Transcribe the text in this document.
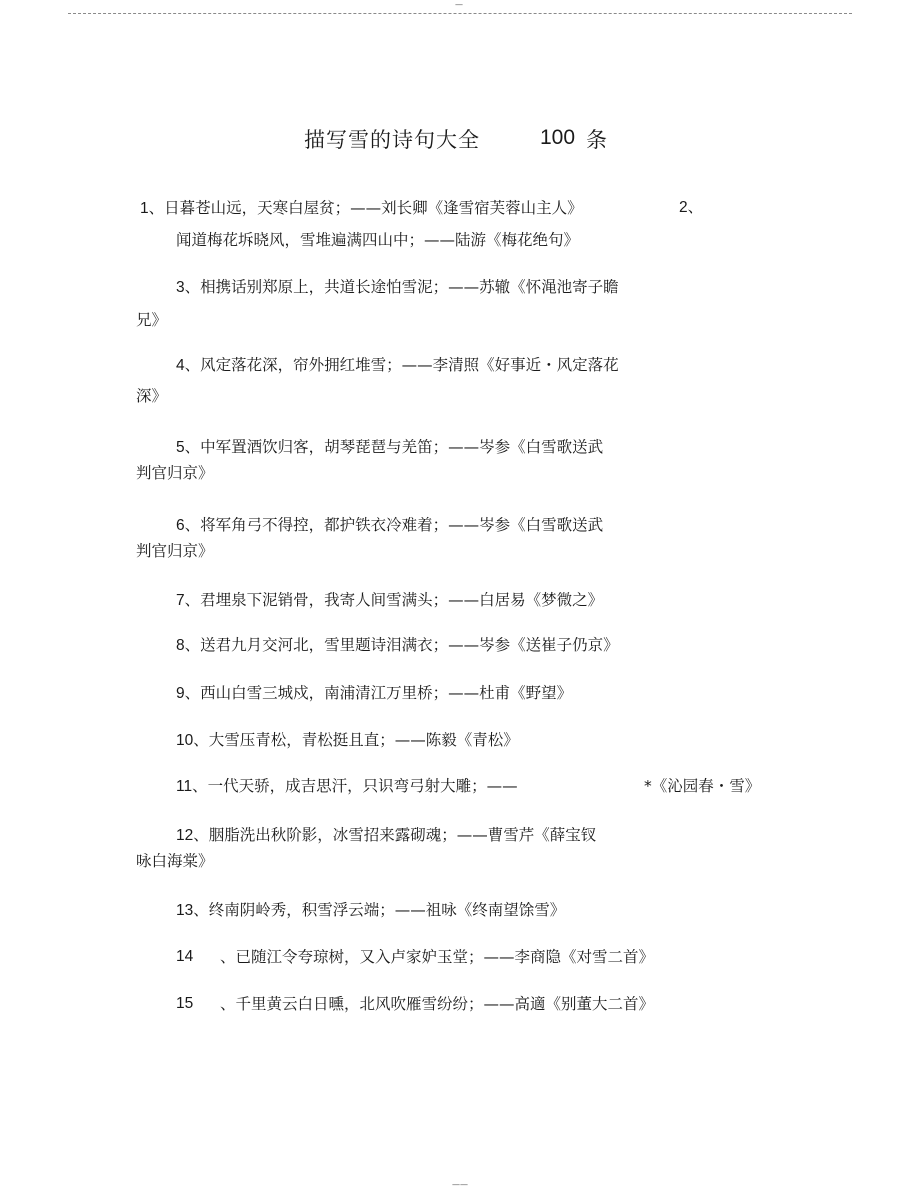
—
描写雪的诗句大全	100 条
1、日暮苍山远，天寒白屋贫；——刘长卿《逢雪宿芙蓉山主人》	2、
闻道梅花坼晓风，雪堆遍满四山中；——陆游《梅花绝句》
3、相携话别郑原上，共道长途怕雪泥；——苏辙《怀渑池寄子瞻
兄》
4、风定落花深，帘外拥红堆雪；——李清照《好事近・风定落花
深》
5、中军置酒饮归客，胡琴琵琶与羌笛；——岑参《白雪歌送武
判官归京》
6、将军角弓不得控，都护铁衣冷难着；——岑参《白雪歌送武
判官归京》
7、君埋泉下泥销骨，我寄人间雪满头；——白居易《梦微之》
8、送君九月交河北，雪里题诗泪满衣；——岑参《送崔子仍京》
9、西山白雪三城戍，南浦清江万里桥；——杜甫《野望》
10、大雪压青松，青松挺且直；——陈毅《青松》
11、一代天骄，成吉思汗，只识弯弓射大雕；——	*《沁园春・雪》
12、胭脂洗出秋阶影，冰雪招来露砌魂；——曹雪芹《薛宝钗
咏白海棠》
13、终南阴岭秀，积雪浮云端；——祖咏《终南望馀雪》
14 、已随江令夸琼树，又入卢家妒玉堂；——李商隐《对雪二首》
15 、千里黄云白日曛，北风吹雁雪纷纷；——高適《别董大二首》
——
